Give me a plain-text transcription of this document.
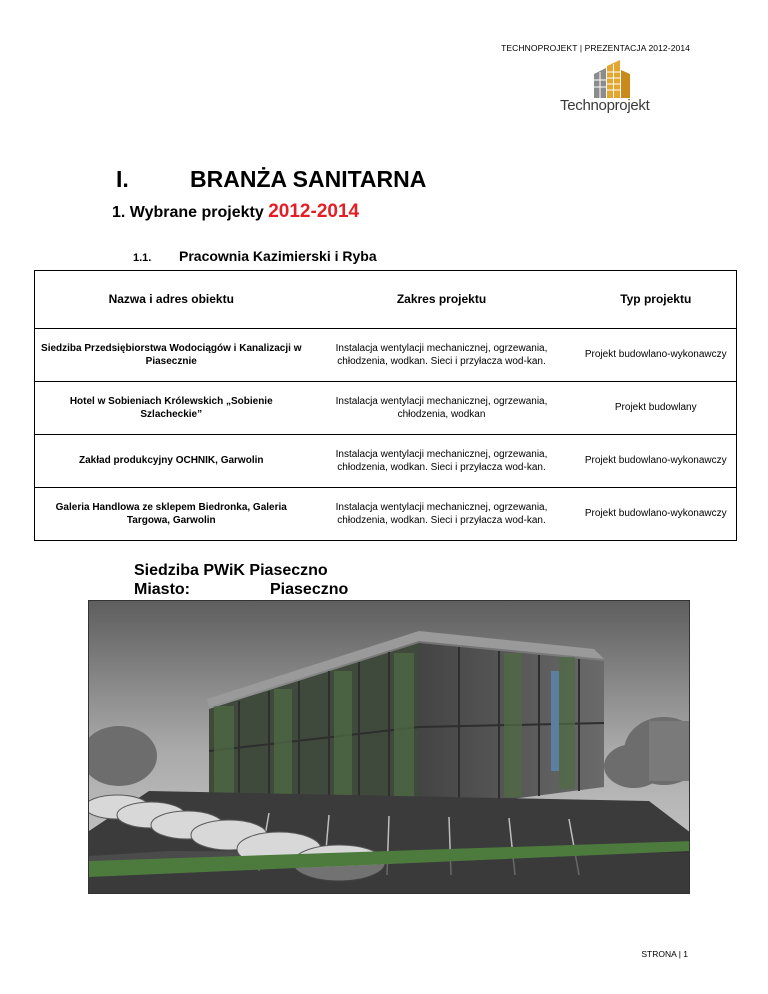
TECHNOPROJEKT | PREZENTACJA 2012-2014
Technoprojekt
I.	BRANŻA SANITARNA
1. Wybrane projekty 2012-2014
1.1. Pracownia Kazimierski i Ryba
Nazwa i adres obiektu	Zakres projektu	Typ projektu
Siedziba Przedsiębiorstwa Wodociągów i Kanalizacji w Piasecznie	Instalacja wentylacji mechanicznej, ogrzewania, chłodzenia, wodkan. Sieci i przyłacza wod-kan.	Projekt budowlano-wykonawczy
Hotel w Sobieniach Królewskich „Sobienie Szlacheckie”	Instalacja wentylacji mechanicznej, ogrzewania, chłodzenia, wodkan	Projekt budowlany
Zakład produkcyjny OCHNIK, Garwolin	Instalacja wentylacji mechanicznej, ogrzewania, chłodzenia, wodkan. Sieci i przyłacza wod-kan.	Projekt budowlano-wykonawczy
Galeria Handlowa ze sklepem Biedronka, Galeria Targowa, Garwolin	Instalacja wentylacji mechanicznej, ogrzewania, chłodzenia, wodkan. Sieci i przyłacza wod-kan.	Projekt budowlano-wykonawczy
Siedziba PWiK Piaseczno
Miasto:	Piaseczno
STRONA | 1
